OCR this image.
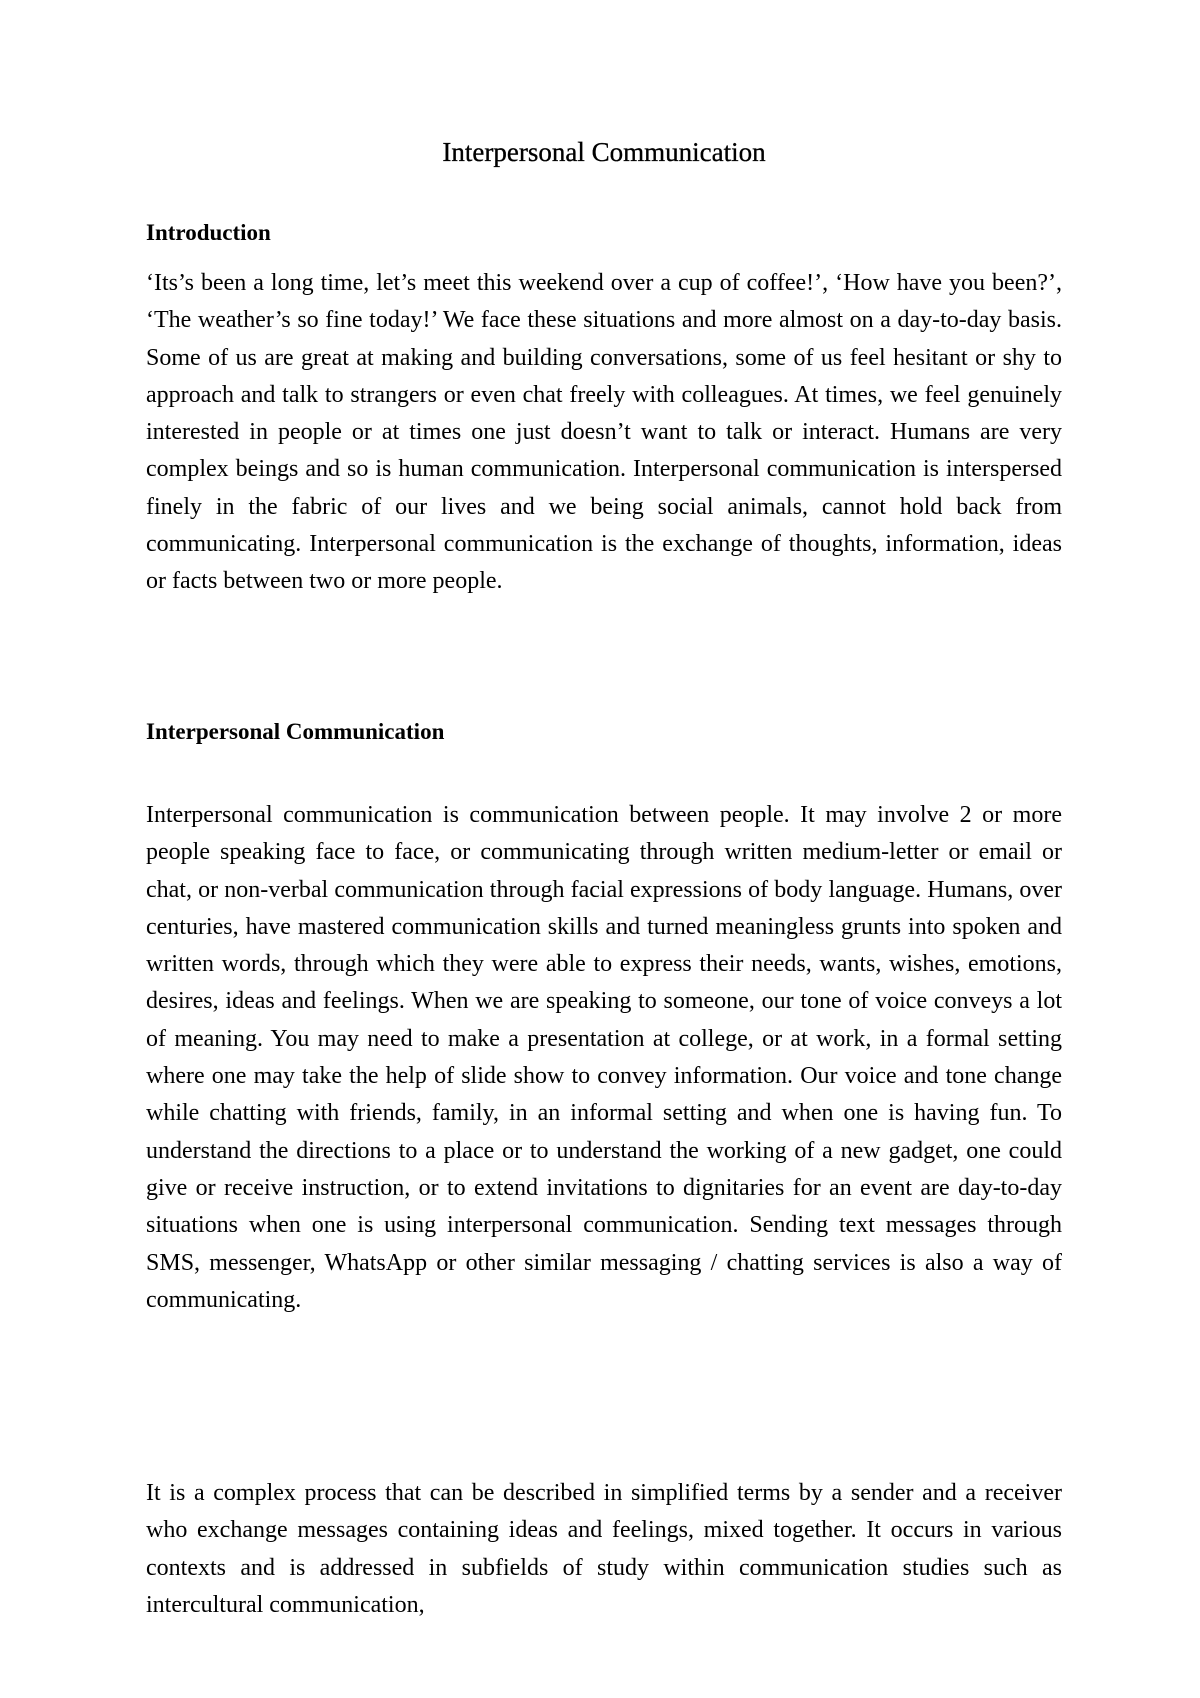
Interpersonal Communication
Introduction

‘Its’s been a long time, let’s meet this weekend over a cup of coffee!’, ‘How have you been?’, ‘The weather’s so fine today!’ We face these situations and more almost on a day-to-day basis. Some of us are great at making and building conversations, some of us feel hesitant or shy to approach and talk to strangers or even chat freely with colleagues. At times, we feel genuinely interested in people or at times one just doesn’t want to talk or interact. Humans are very complex beings and so is human communication. Interpersonal communication is interspersed finely in the fabric of our lives and we being social animals, cannot hold back from communicating. Interpersonal communication is the exchange of thoughts, information, ideas or facts between two or more people.

Interpersonal Communication

Interpersonal communication is communication between people. It may involve 2 or more people speaking face to face, or communicating through written medium-letter or email or chat, or non-verbal communication through facial expressions of body language. Humans, over centuries, have mastered communication skills and turned meaningless grunts into spoken and written words, through which they were able to express their needs, wants, wishes, emotions, desires, ideas and feelings. When we are speaking to someone, our tone of voice conveys a lot of meaning. You may need to make a presentation at college, or at work, in a formal setting where one may take the help of slide show to convey information. Our voice and tone change while chatting with friends, family, in an informal setting and when one is having fun. To understand the directions to a place or to understand the working of a new gadget, one could give or receive instruction, or to extend invitations to dignitaries for an event are day-to-day situations when one is using interpersonal communication. Sending text messages through SMS, messenger, WhatsApp or other similar messaging / chatting services is also a way of communicating.

It is a complex process that can be described in simplified terms by a sender and a receiver who exchange messages containing ideas and feelings, mixed together. It occurs in various contexts and is addressed in subfields of study within communication studies such as intercultural communication,
